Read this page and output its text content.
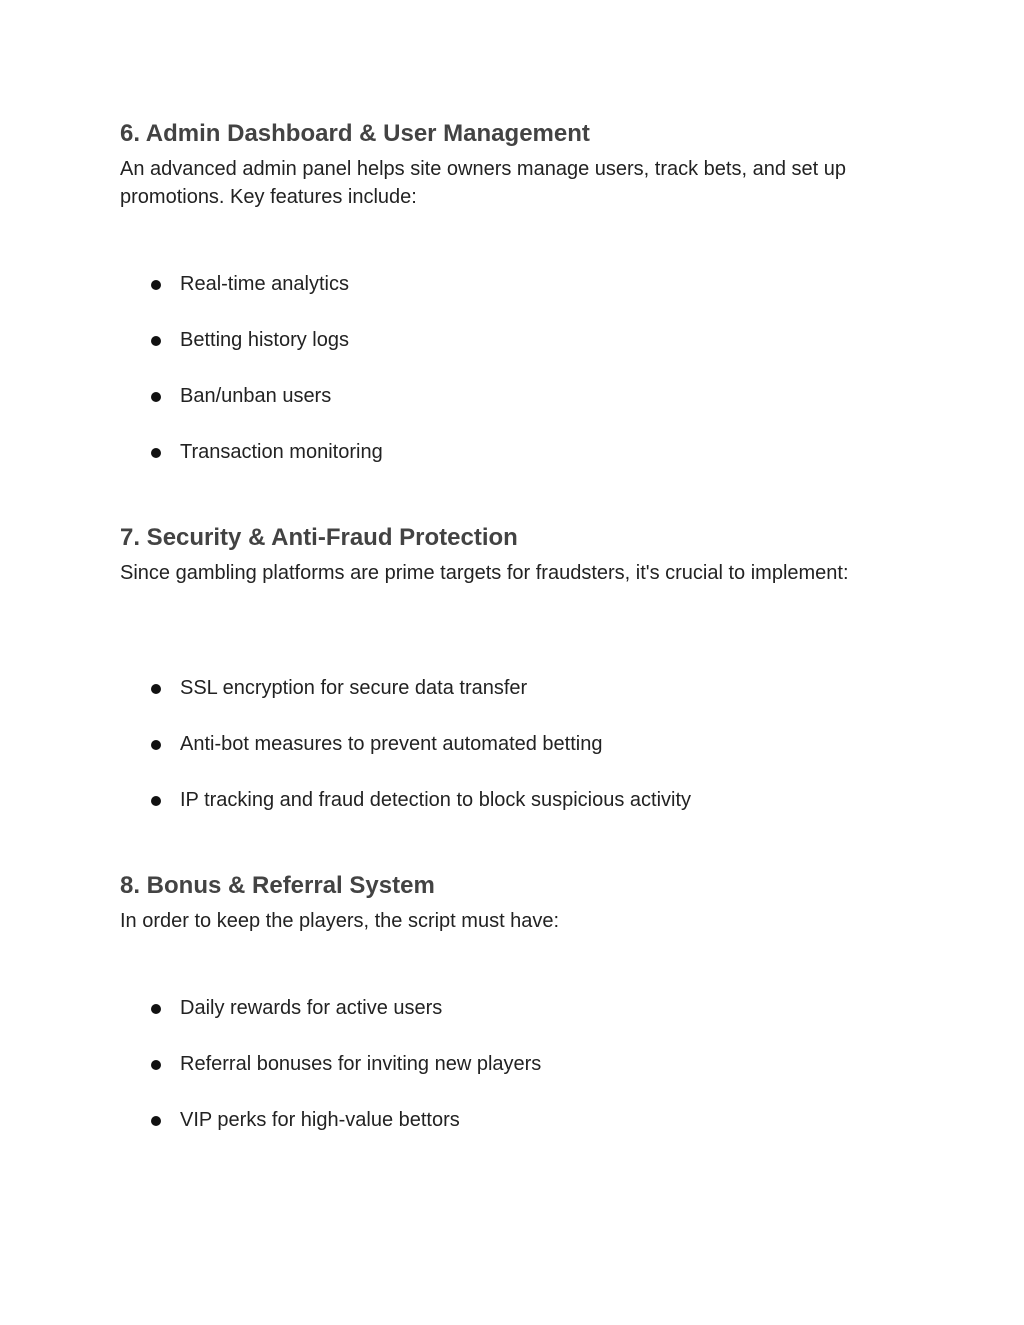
6. Admin Dashboard & User Management

An advanced admin panel helps site owners manage users, track bets, and set up promotions. Key features include:

Real-time analytics
Betting history logs
Ban/unban users
Transaction monitoring
7. Security & Anti-Fraud Protection

Since gambling platforms are prime targets for fraudsters, it's crucial to implement:

SSL encryption for secure data transfer
Anti-bot measures to prevent automated betting
IP tracking and fraud detection to block suspicious activity
8. Bonus & Referral System

In order to keep the players, the script must have:

Daily rewards for active users
Referral bonuses for inviting new players
VIP perks for high-value bettors
